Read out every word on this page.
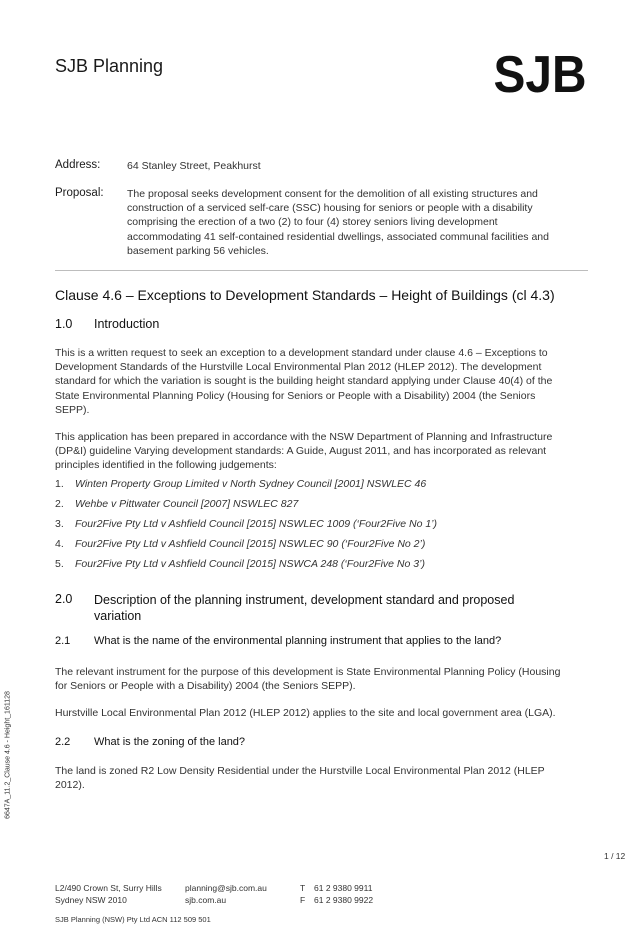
SJB Planning	SJB
Address:	64 Stanley Street, Peakhurst
Proposal: The proposal seeks development consent for the demolition of all existing structures and
construction of a serviced self-care (SSC) housing for seniors or people with a disability
comprising the erection of a two (2) to four (4) storey seniors living development
accommodating 41 self-contained residential dwellings, associated communal facilities and
basement parking 56 vehicles.
Clause 4.6 – Exceptions to Development Standards – Height of Buildings (cl 4.3)
1.0 Introduction
This is a written request to seek an exception to a development standard under clause 4.6 – Exceptions to
Development Standards of the Hurstville Local Environmental Plan 2012 (HLEP 2012). The development
standard for which the variation is sought is the building height standard applying under Clause 40(4) of the
State Environmental Planning Policy (Housing for Seniors or People with a Disability) 2004 (the Seniors
SEPP).
This application has been prepared in accordance with the NSW Department of Planning and Infrastructure
(DP&I) guideline Varying development standards: A Guide, August 2011, and has incorporated as relevant
principles identified in the following judgements:
1. Winten Property Group Limited v North Sydney Council [2001] NSWLEC 46
2. Wehbe v Pittwater Council [2007] NSWLEC 827
3. Four2Five Pty Ltd v Ashfield Council [2015] NSWLEC 1009 (‘Four2Five No 1’)
4. Four2Five Pty Ltd v Ashfield Council [2015] NSWLEC 90 (‘Four2Five No 2’)
5. Four2Five Pty Ltd v Ashfield Council [2015] NSWCA 248 (‘Four2Five No 3’)
2.0 Description of the planning instrument, development standard and proposed
variation
2.1 What is the name of the environmental planning instrument that applies to the land?
The relevant instrument for the purpose of this development is State Environmental Planning Policy (Housing
for Seniors or People with a Disability) 2004 (the Seniors SEPP).
Hurstville Local Environmental Plan 2012 (HLEP 2012) applies to the site and local government area (LGA).
2.2 What is the zoning of the land?
The land is zoned R2 Low Density Residential under the Hurstville Local Environmental Plan 2012 (HLEP
2012).
6647A_11.2_Clause 4.6 - Height_161128
1 / 12
L2/490 Crown St, Surry Hills
Sydney NSW 2010
planning@sjb.com.au
sjb.com.au
T
F
61 2 9380 9911
61 2 9380 9922
SJB Planning (NSW) Pty Ltd ACN 112 509 501
